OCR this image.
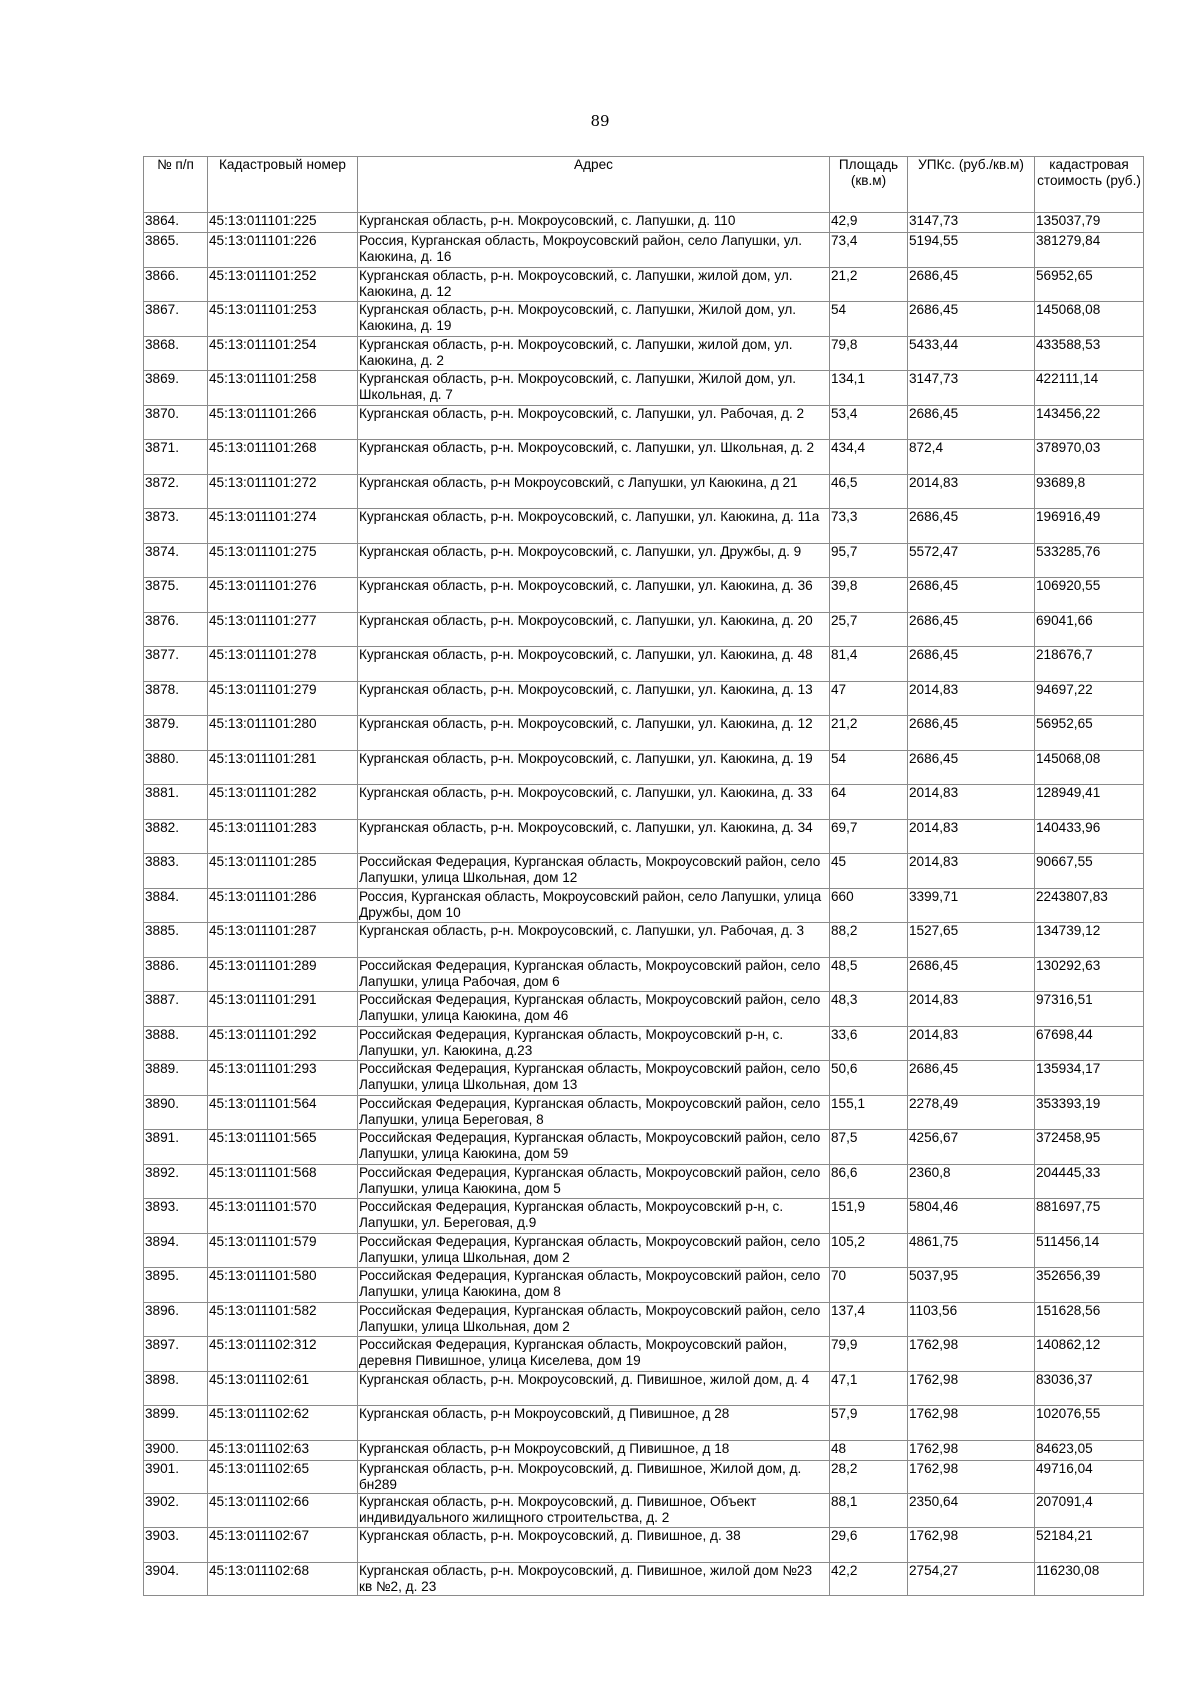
89
№ п/п	Кадастровый номер	Адрес	Площадь (кв.м)	УПКс. (руб./кв.м)	кадастровая стоимость (руб.)
3864.	45:13:011101:225	Курганская область, р-н. Мокроусовский, с. Лапушки, д. 110	42,9	3147,73	135037,79
3865.	45:13:011101:226	Россия, Курганская область, Мокроусовский район, село Лапушки, ул. Каюкина, д. 16	73,4	5194,55	381279,84
3866.	45:13:011101:252	Курганская область, р-н. Мокроусовский, с. Лапушки, жилой дом, ул. Каюкина, д. 12	21,2	2686,45	56952,65
3867.	45:13:011101:253	Курганская область, р-н. Мокроусовский, с. Лапушки, Жилой дом, ул. Каюкина, д. 19	54	2686,45	145068,08
3868.	45:13:011101:254	Курганская область, р-н. Мокроусовский, с. Лапушки, жилой дом, ул. Каюкина, д. 2	79,8	5433,44	433588,53
3869.	45:13:011101:258	Курганская область, р-н. Мокроусовский, с. Лапушки, Жилой дом, ул. Школьная, д. 7	134,1	3147,73	422111,14
3870.	45:13:011101:266	Курганская область, р-н. Мокроусовский, с. Лапушки, ул. Рабочая, д. 2	53,4	2686,45	143456,22
3871.	45:13:011101:268	Курганская область, р-н. Мокроусовский, с. Лапушки, ул. Школьная, д. 2	434,4	872,4	378970,03
3872.	45:13:011101:272	Курганская область, р-н Мокроусовский, с Лапушки, ул Каюкина, д 21	46,5	2014,83	93689,8
3873.	45:13:011101:274	Курганская область, р-н. Мокроусовский, с. Лапушки, ул. Каюкина, д. 11а	73,3	2686,45	196916,49
3874.	45:13:011101:275	Курганская область, р-н. Мокроусовский, с. Лапушки, ул. Дружбы, д. 9	95,7	5572,47	533285,76
3875.	45:13:011101:276	Курганская область, р-н. Мокроусовский, с. Лапушки, ул. Каюкина, д. 36	39,8	2686,45	106920,55
3876.	45:13:011101:277	Курганская область, р-н. Мокроусовский, с. Лапушки, ул. Каюкина, д. 20	25,7	2686,45	69041,66
3877.	45:13:011101:278	Курганская область, р-н. Мокроусовский, с. Лапушки, ул. Каюкина, д. 48	81,4	2686,45	218676,7
3878.	45:13:011101:279	Курганская область, р-н. Мокроусовский, с. Лапушки, ул. Каюкина, д. 13	47	2014,83	94697,22
3879.	45:13:011101:280	Курганская область, р-н. Мокроусовский, с. Лапушки, ул. Каюкина, д. 12	21,2	2686,45	56952,65
3880.	45:13:011101:281	Курганская область, р-н. Мокроусовский, с. Лапушки, ул. Каюкина, д. 19	54	2686,45	145068,08
3881.	45:13:011101:282	Курганская область, р-н. Мокроусовский, с. Лапушки, ул. Каюкина, д. 33	64	2014,83	128949,41
3882.	45:13:011101:283	Курганская область, р-н. Мокроусовский, с. Лапушки, ул. Каюкина, д. 34	69,7	2014,83	140433,96
3883.	45:13:011101:285	Российская Федерация, Курганская область, Мокроусовский район, село Лапушки, улица Школьная, дом 12	45	2014,83	90667,55
3884.	45:13:011101:286	Россия, Курганская область, Мокроусовский район, село Лапушки, улица Дружбы, дом 10	660	3399,71	2243807,83
3885.	45:13:011101:287	Курганская область, р-н. Мокроусовский, с. Лапушки, ул. Рабочая, д. 3	88,2	1527,65	134739,12
3886.	45:13:011101:289	Российская Федерация, Курганская область, Мокроусовский район, село Лапушки, улица Рабочая, дом 6	48,5	2686,45	130292,63
3887.	45:13:011101:291	Российская Федерация, Курганская область, Мокроусовский район, село Лапушки, улица Каюкина, дом 46	48,3	2014,83	97316,51
3888.	45:13:011101:292	Российская Федерация, Курганская область, Мокроусовский р-н, с. Лапушки, ул. Каюкина, д.23	33,6	2014,83	67698,44
3889.	45:13:011101:293	Российская Федерация, Курганская область, Мокроусовский район, село Лапушки, улица Школьная, дом 13	50,6	2686,45	135934,17
3890.	45:13:011101:564	Российская Федерация, Курганская область, Мокроусовский район, село Лапушки, улица Береговая, 8	155,1	2278,49	353393,19
3891.	45:13:011101:565	Российская Федерация, Курганская область, Мокроусовский район, село Лапушки, улица Каюкина, дом 59	87,5	4256,67	372458,95
3892.	45:13:011101:568	Российская Федерация, Курганская область, Мокроусовский район, село Лапушки, улица Каюкина, дом 5	86,6	2360,8	204445,33
3893.	45:13:011101:570	Российская Федерация, Курганская область, Мокроусовский р-н, с. Лапушки, ул. Береговая, д.9	151,9	5804,46	881697,75
3894.	45:13:011101:579	Российская Федерация, Курганская область, Мокроусовский район, село Лапушки, улица Школьная, дом 2	105,2	4861,75	511456,14
3895.	45:13:011101:580	Российская Федерация, Курганская область, Мокроусовский район, село Лапушки, улица Каюкина, дом 8	70	5037,95	352656,39
3896.	45:13:011101:582	Российская Федерация, Курганская область, Мокроусовский район, село Лапушки, улица Школьная, дом 2	137,4	1103,56	151628,56
3897.	45:13:011102:312	Российская Федерация, Курганская область, Мокроусовский район, деревня Пивишное, улица Киселева, дом 19	79,9	1762,98	140862,12
3898.	45:13:011102:61	Курганская область, р-н. Мокроусовский, д. Пивишное, жилой дом, д. 4	47,1	1762,98	83036,37
3899.	45:13:011102:62	Курганская область, р-н Мокроусовский, д Пивишное, д 28	57,9	1762,98	102076,55
3900.	45:13:011102:63	Курганская область, р-н Мокроусовский, д Пивишное, д 18	48	1762,98	84623,05
3901.	45:13:011102:65	Курганская область, р-н. Мокроусовский, д. Пивишное, Жилой дом, д. бн289	28,2	1762,98	49716,04
3902.	45:13:011102:66	Курганская область, р-н. Мокроусовский, д. Пивишное, Объект индивидуального жилищного строительства, д. 2	88,1	2350,64	207091,4
3903.	45:13:011102:67	Курганская область, р-н. Мокроусовский, д. Пивишное, д. 38	29,6	1762,98	52184,21
3904.	45:13:011102:68	Курганская область, р-н. Мокроусовский, д. Пивишное, жилой дом №23 кв №2, д. 23	42,2	2754,27	116230,08
